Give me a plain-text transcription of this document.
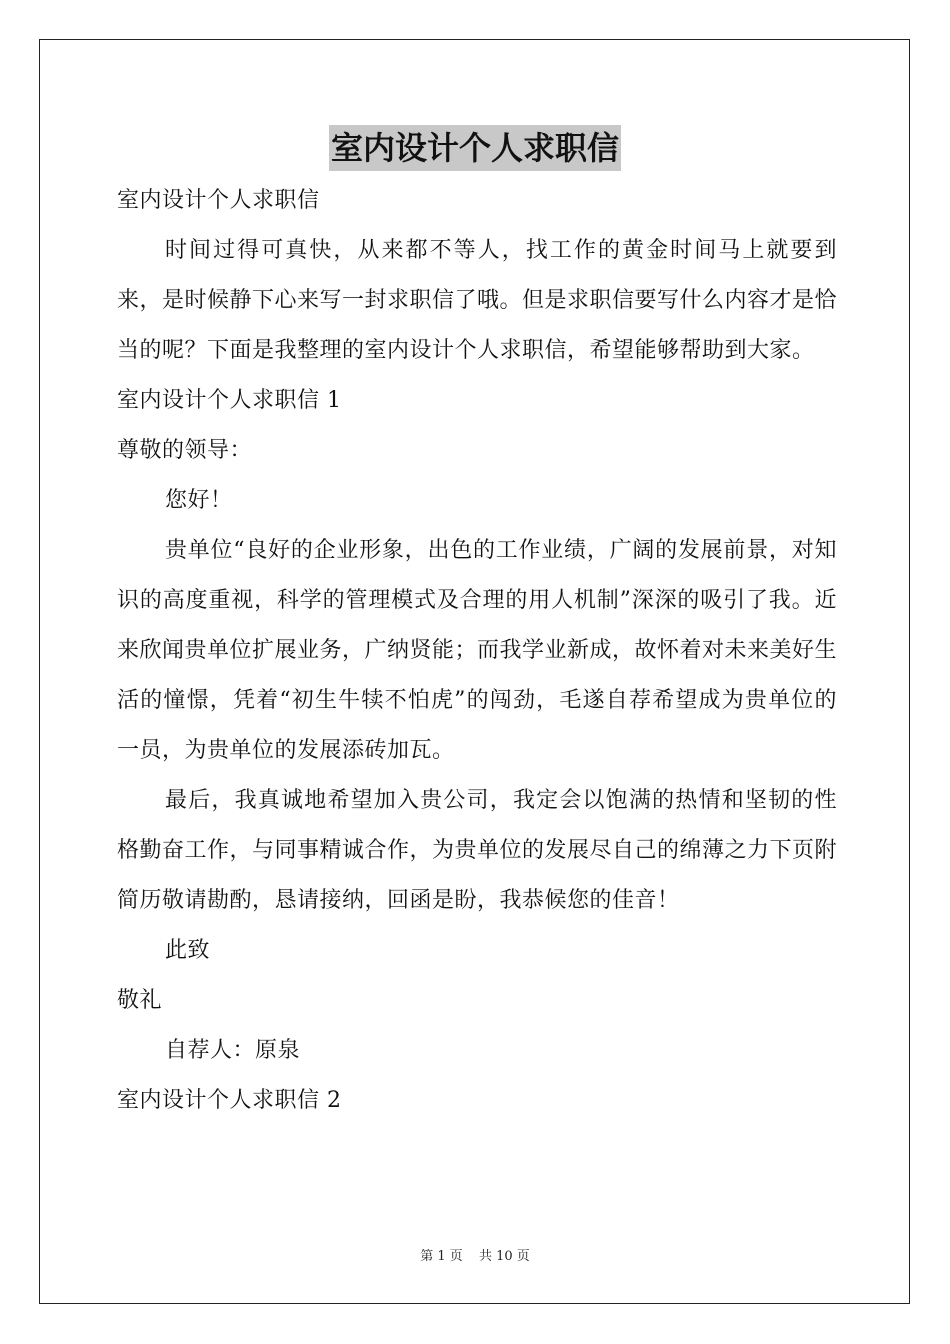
室内设计个人求职信

室内设计个人求职信

时间过得可真快，从来都不等人，找工作的黄金时间马上就要到来，是时候静下心来写一封求职信了哦。但是求职信要写什么内容才是恰当的呢？下面是我整理的室内设计个人求职信，希望能够帮助到大家。

室内设计个人求职信 1

尊敬的领导：

您好！

贵单位“良好的企业形象，出色的工作业绩，广阔的发展前景，对知识的高度重视，科学的管理模式及合理的用人机制”深深的吸引了我。近来欣闻贵单位扩展业务，广纳贤能；而我学业新成，故怀着对未来美好生活的憧憬，凭着“初生牛犊不怕虎”的闯劲，毛遂自荐希望成为贵单位的一员，为贵单位的发展添砖加瓦。

最后，我真诚地希望加入贵公司，我定会以饱满的热情和坚韧的性格勤奋工作，与同事精诚合作，为贵单位的发展尽自己的绵薄之力下页附简历敬请勘酌，恳请接纳，回函是盼，我恭候您的佳音！

此致

敬礼

自荐人：原泉

室内设计个人求职信 2

第 1 页 共 10 页
